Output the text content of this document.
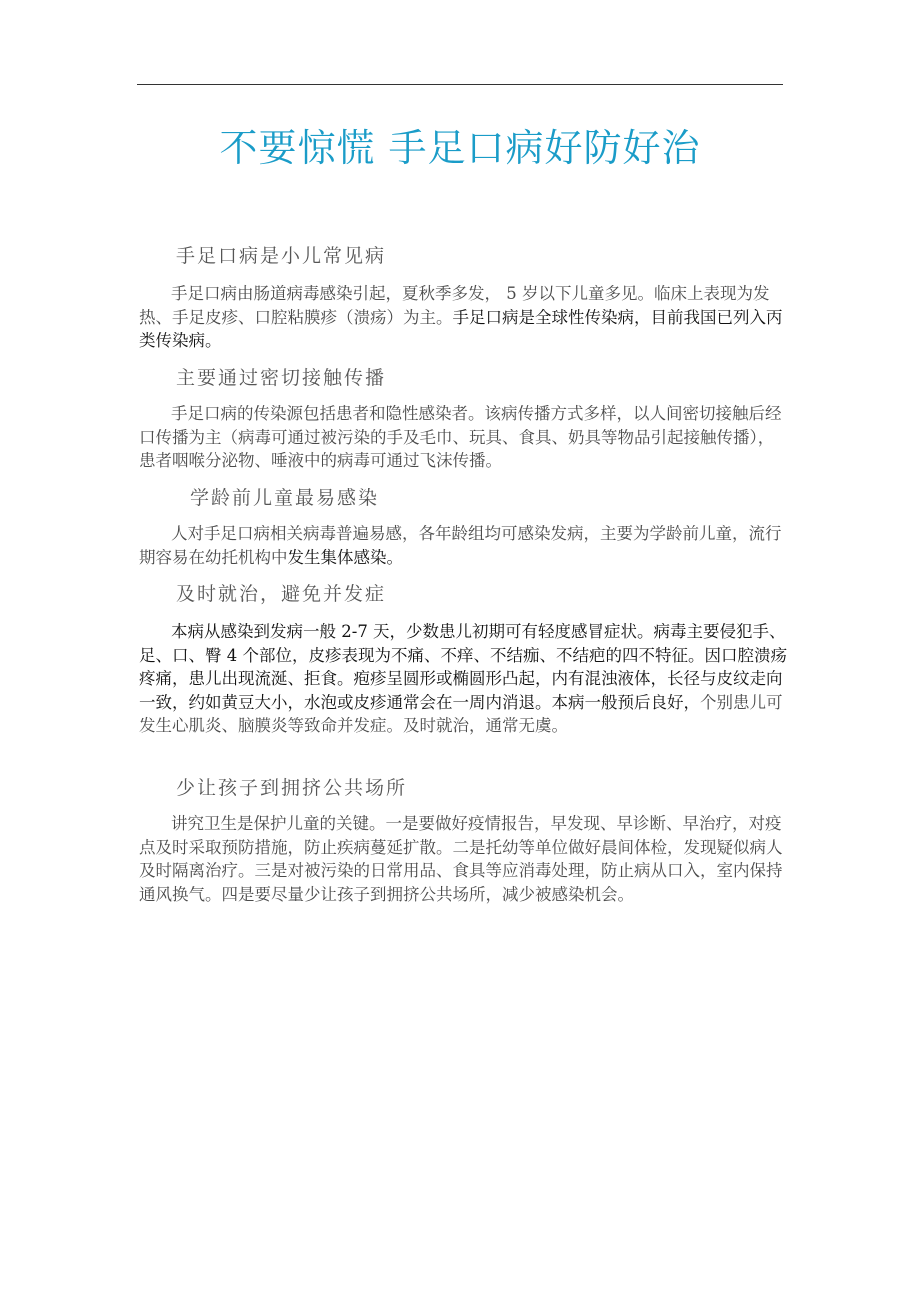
不要惊慌 手足口病好防好治
手足口病是小儿常见病

手足口病由肠道病毒感染引起，夏秋季多发， 5 岁以下儿童多见。临床上表现为发热、手足皮疹、口腔粘膜疹（溃疡）为主。手足口病是全球性传染病，目前我国已列入丙类传染病。

主要通过密切接触传播

手足口病的传染源包括患者和隐性感染者。该病传播方式多样，以人间密切接触后经口传播为主（病毒可通过被污染的手及毛巾、玩具、食具、奶具等物品引起接触传播），患者咽喉分泌物、唾液中的病毒可通过飞沫传播。

学龄前儿童最易感染

人对手足口病相关病毒普遍易感，各年龄组均可感染发病，主要为学龄前儿童，流行期容易在幼托机构中发生集体感染。

及时就治，避免并发症

本病从感染到发病一般 2-7 天，少数患儿初期可有轻度感冒症状。病毒主要侵犯手、足、口、臀 4 个部位，皮疹表现为不痛、不痒、不结痂、不结疤的四不特征。因口腔溃疡疼痛，患儿出现流涎、拒食。疱疹呈圆形或椭圆形凸起，内有混浊液体，长径与皮纹走向一致，约如黄豆大小，水泡或皮疹通常会在一周内消退。本病一般预后良好，个别患儿可发生心肌炎、脑膜炎等致命并发症。及时就治，通常无虞。

少让孩子到拥挤公共场所

讲究卫生是保护儿童的关键。一是要做好疫情报告，早发现、早诊断、早治疗，对疫点及时采取预防措施，防止疾病蔓延扩散。二是托幼等单位做好晨间体检，发现疑似病人及时隔离治疗。三是对被污染的日常用品、食具等应消毒处理，防止病从口入，室内保持通风换气。四是要尽量少让孩子到拥挤公共场所，减少被感染机会。
